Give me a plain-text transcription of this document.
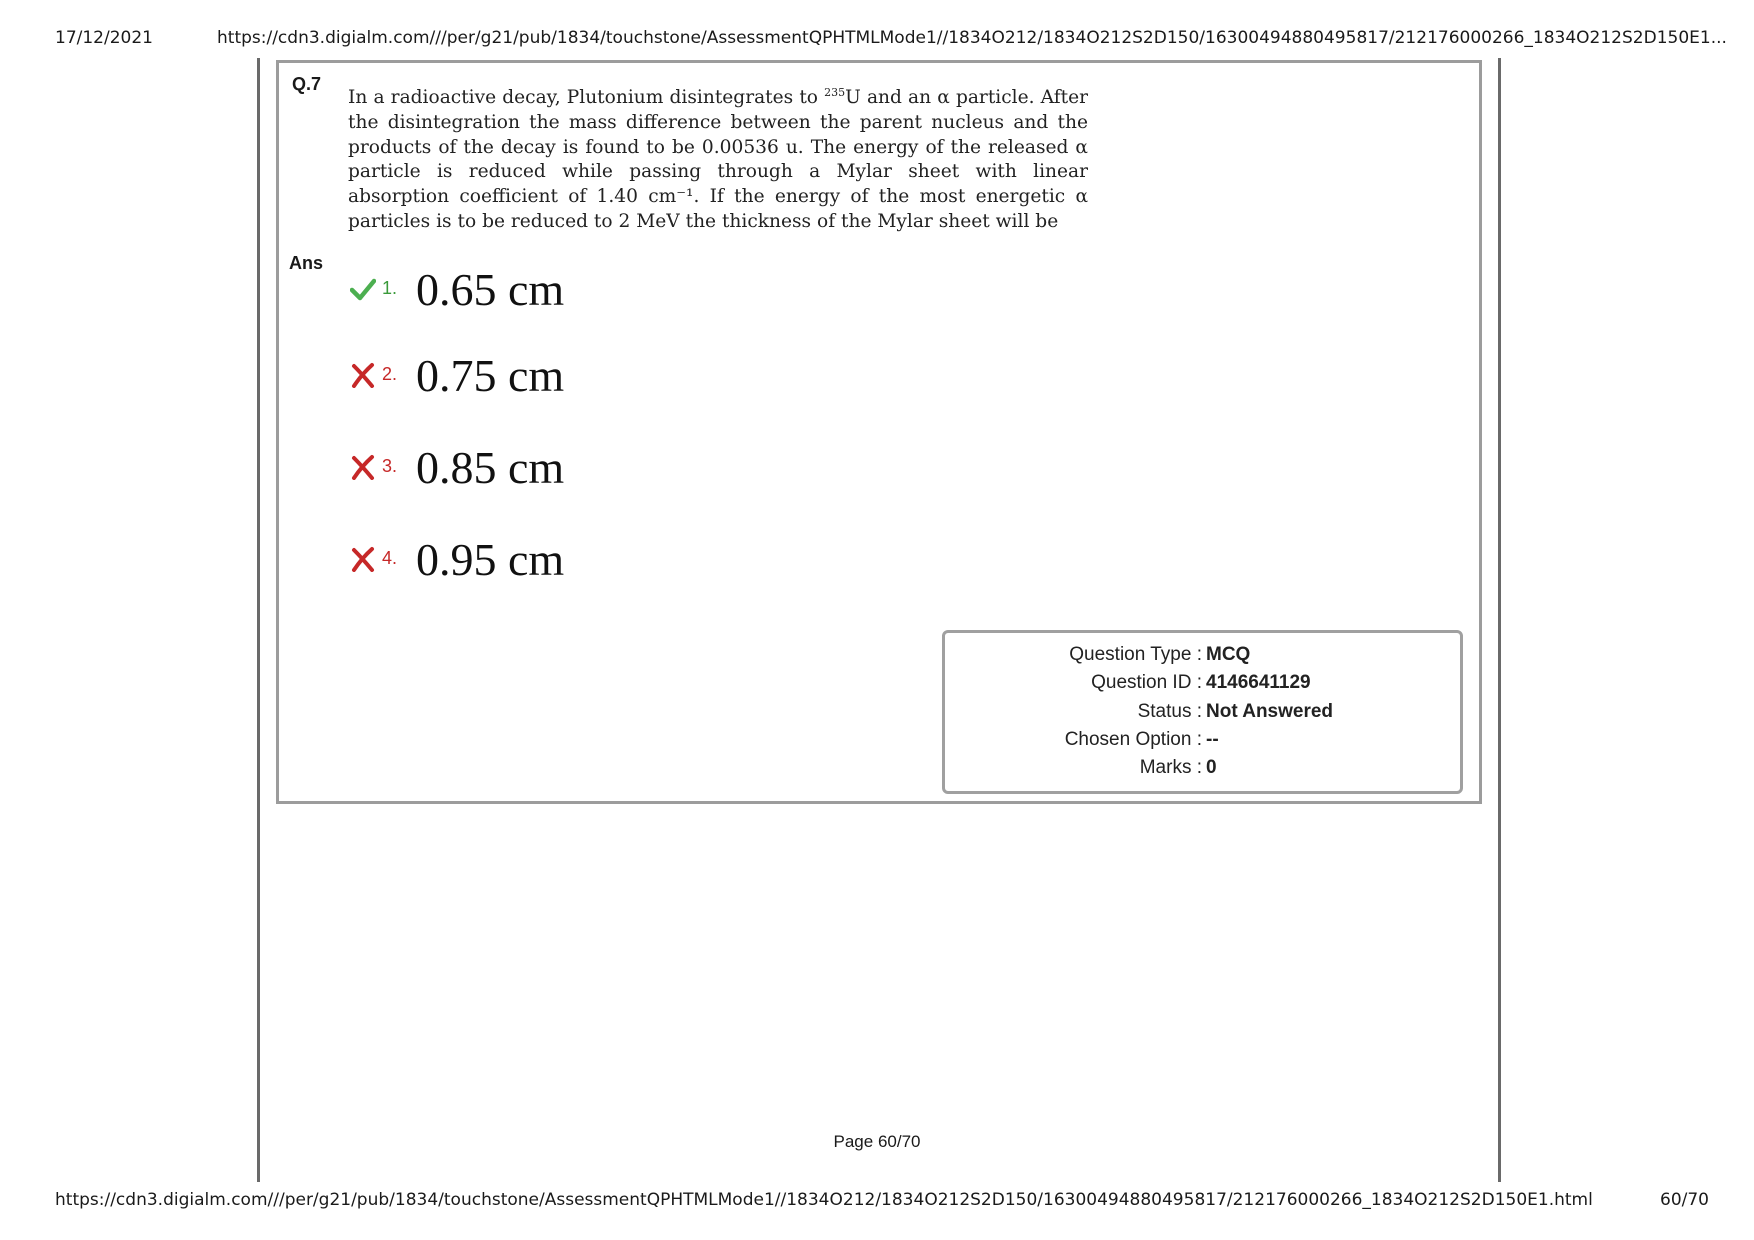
17/12/2021	https://cdn3.digialm.com///per/g21/pub/1834/touchstone/AssessmentQPHTMLMode1//1834O212/1834O212S2D150/16300494880495817/212176000266_1834O212S2D150E1...
Q.7
In a radioactive decay, Plutonium disintegrates to $^{235}$U and an α particle. After the disintegration the mass difference between the parent nucleus and the products of the decay is found to be 0.00536 u. The energy of the released α particle is reduced while passing through a Mylar sheet with linear absorption coefficient of 1.40 cm⁻¹. If the energy of the most energetic α particles is to be reduced to 2 MeV the thickness of the Mylar sheet will be
Ans
1. 0.65 cm
2. 0.75 cm
3. 0.85 cm
4. 0.95 cm
Question Type : MCQ
Question ID : 4146641129
Status : Not Answered
Chosen Option : --
Marks : 0
Page 60/70
https://cdn3.digialm.com///per/g21/pub/1834/touchstone/AssessmentQPHTMLMode1//1834O212/1834O212S2D150/16300494880495817/212176000266_1834O212S2D150E1.html	60/70
